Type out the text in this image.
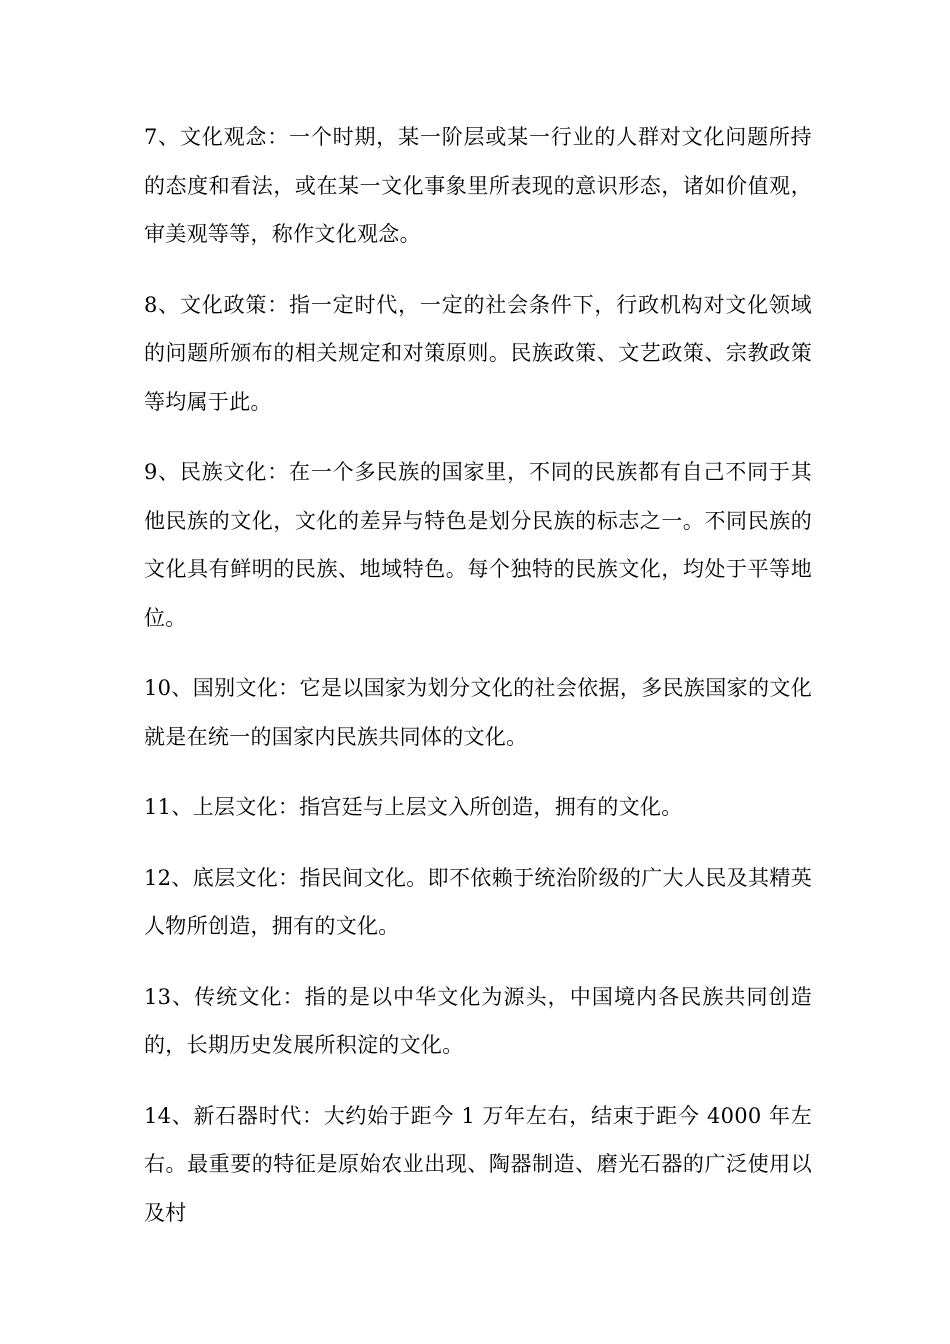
7、文化观念：一个时期，某一阶层或某一行业的人群对文化问题所持的态度和看法，或在某一文化事象里所表现的意识形态，诸如价值观，审美观等等，称作文化观念。

8、文化政策：指一定时代，一定的社会条件下，行政机构对文化领域的问题所颁布的相关规定和对策原则。民族政策、文艺政策、宗教政策等均属于此。

9、民族文化：在一个多民族的国家里，不同的民族都有自己不同于其他民族的文化，文化的差异与特色是划分民族的标志之一。不同民族的文化具有鲜明的民族、地域特色。每个独特的民族文化，均处于平等地位。

10、国别文化：它是以国家为划分文化的社会依据，多民族国家的文化就是在统一的国家内民族共同体的文化。

11、上层文化：指宫廷与上层文入所创造，拥有的文化。

12、底层文化：指民间文化。即不依赖于统治阶级的广大人民及其精英人物所创造，拥有的文化。

13、传统文化：指的是以中华文化为源头，中国境内各民族共同创造的，长期历史发展所积淀的文化。

14、新石器时代：大约始于距今 1 万年左右，结束于距今 4000 年左右。最重要的特征是原始农业出现、陶器制造、磨光石器的广泛使用以及村
